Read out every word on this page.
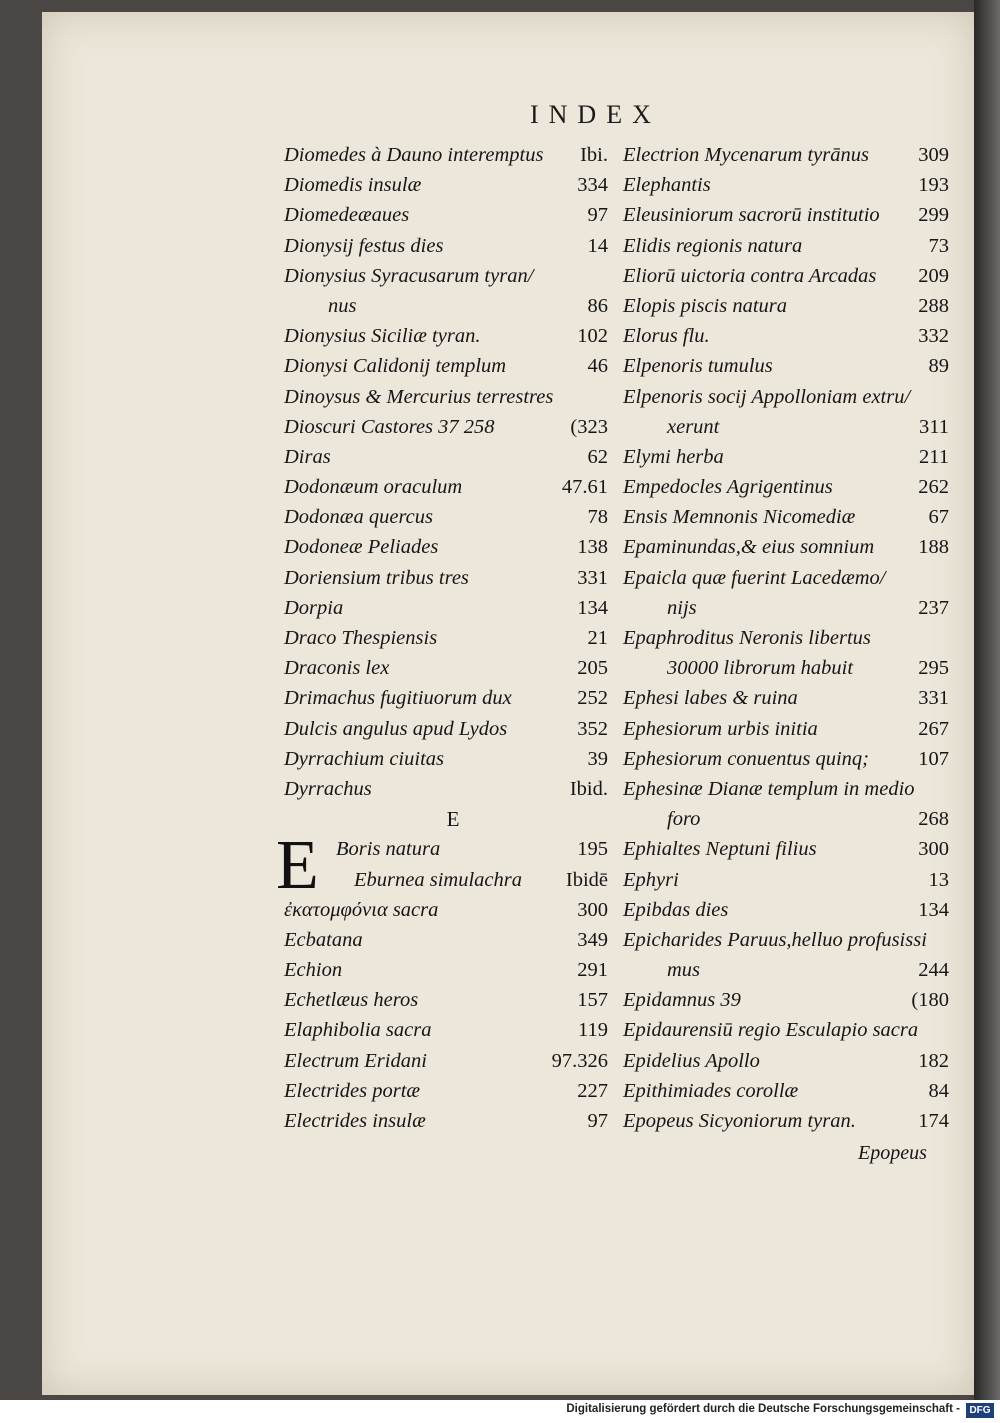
INDEX
Diomedes à Dauno interemptus Ibi.
Diomedis insulæ	334
Diomedeæaues	97
Dionysij festus dies	14
Dionysius Syracusarum tyran/
nus	86
Dionysius Siciliæ tyran.	102
Dionysi Calidonij templum	46
Dinoysus & Mercurius terrestres
Dioscuri Castores 37 258	(323
Diras	62
Dodonæum oraculum	47.61
Dodonæa quercus	78
Dodoneæ Peliades	138
Doriensium tribus tres	331
Dorpia	134
Draco Thespiensis	21
Draconis lex	205
Drimachus fugitiuorum dux	252
Dulcis angulus apud Lydos	352
Dyrrachium ciuitas	39
Dyrrachus	Ibid.
E
Boris natura	195
E Eburnea simulachra Ibidē
ἐκατομφόνια sacra	300
Ecbatana	349
Echion	291
Echetlæus heros	157
Elaphibolia sacra	119
Electrum Eridani	97.326
Electrides portæ	227
Electrides insulæ	97
Electrion Mycenarum tyrānus 309
Elephantis	193
Eleusiniorum sacrorū institutio 299
Elidis regionis natura	73
Eliorū uictoria contra Arcadas 209
Elopis piscis natura	288
Elorus flu.	332
Elpenoris tumulus	89
Elpenoris socij Appolloniam extru/
xerunt	311
Elymi herba	211
Empedocles Agrigentinus	262
Ensis Memnonis Nicomediæ	67
Epaminundas,& eius somnium 188
Epaicla quæ fuerint Lacedæmo/
nijs	237
Epaphroditus Neronis libertus
30000 librorum habuit	295
Ephesi labes & ruina	331
Ephesiorum urbis initia	267
Ephesiorum conuentus quinq; 107
Ephesinæ Dianæ templum in medio
foro	268
Ephialtes Neptuni filius	300
Ephyri	13
Epibdas dies	134
Epicharides Paruus,helluo profusissi
mus	244
Epidamnus 39	(180
Epidaurensiū regio Esculapio sacra
Epidelius Apollo	182
Epithimiades corollæ	84
Epopeus Sicyoniorum tyran.	174
Epopeus
Digitalisierung gefördert durch die Deutsche Forschungsgemeinschaft - DFG
